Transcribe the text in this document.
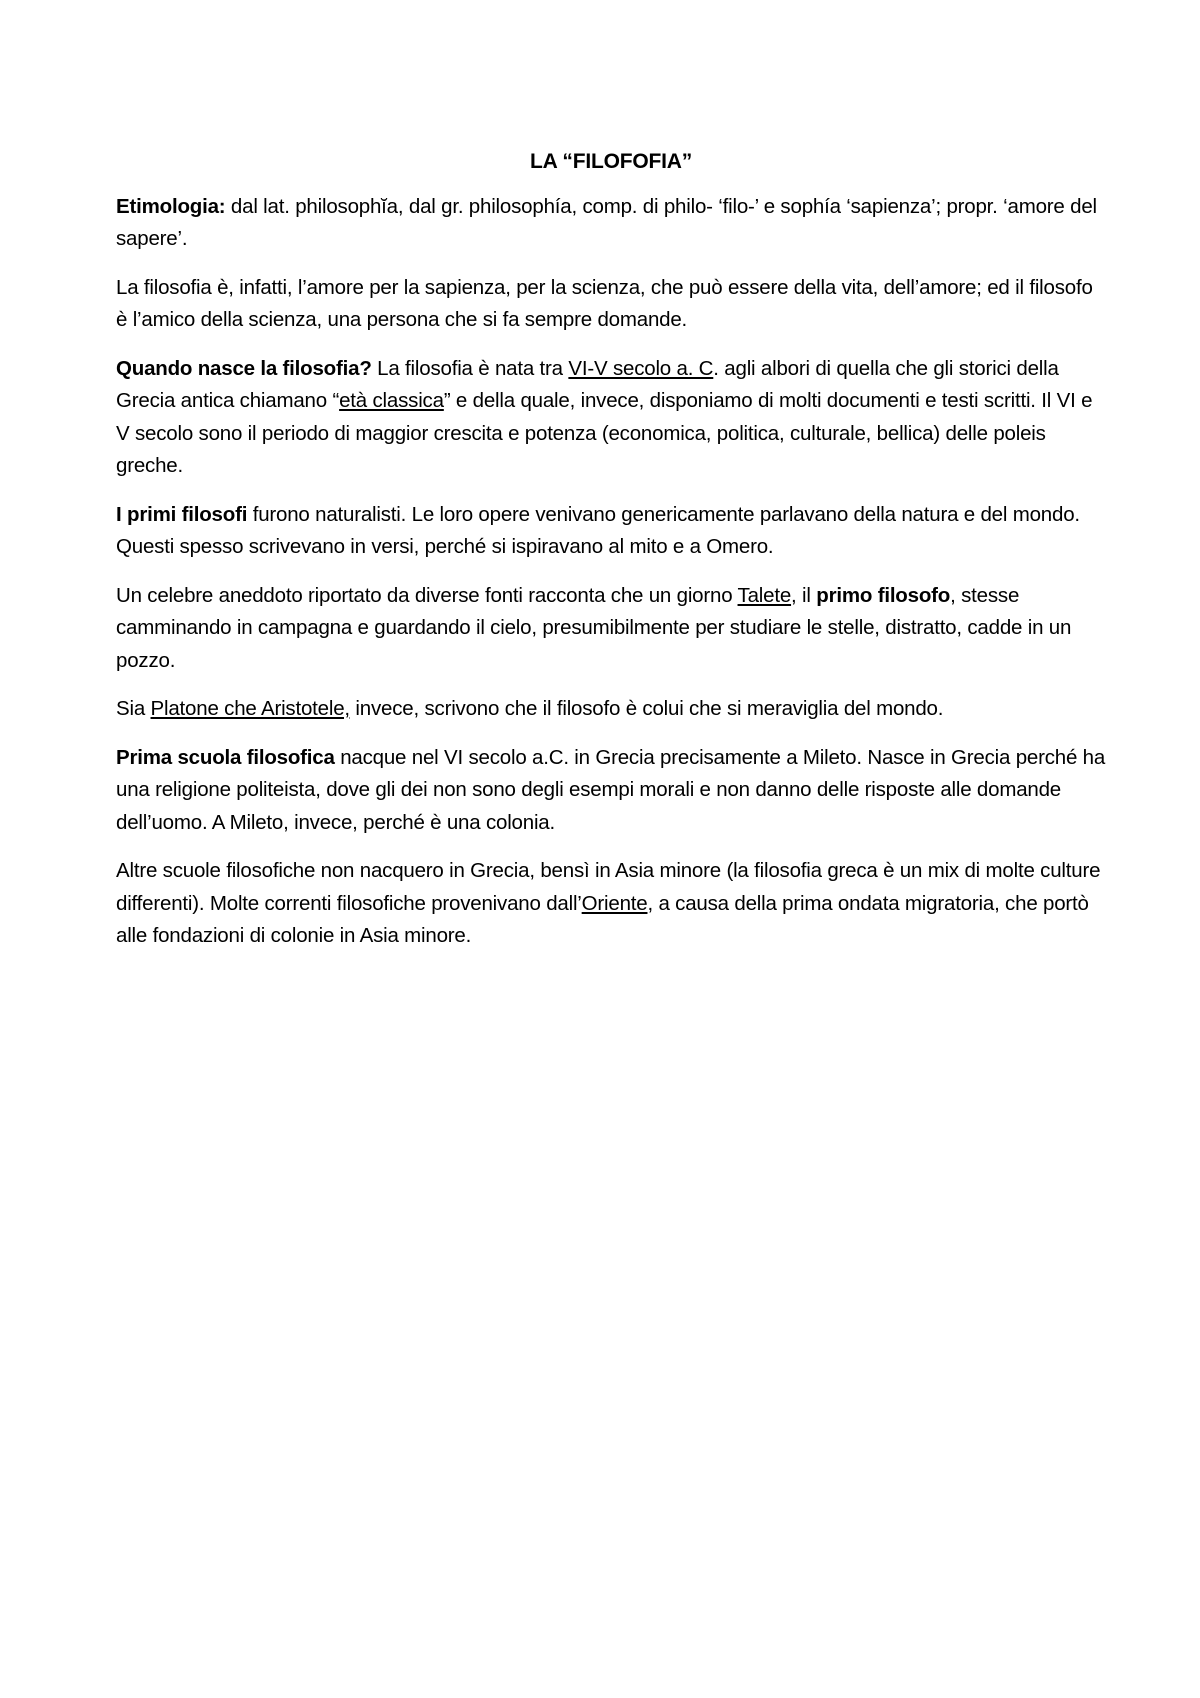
LA “FILOFOFIA”

Etimologia: dal lat. philosophĭa, dal gr. philosophía, comp. di philo- ‘filo-’ e sophía ‘sapienza’; propr. ‘amore del sapere’.

La filosofia è, infatti, l’amore per la sapienza, per la scienza, che può essere della vita, dell’amore; ed il filosofo è l’amico della scienza, una persona che si fa sempre domande.

Quando nasce la filosofia? La filosofia è nata tra VI-V secolo a. C. agli albori di quella che gli storici della Grecia antica chiamano “età classica” e della quale, invece, disponiamo di molti documenti e testi scritti. Il VI e V secolo sono il periodo di maggior crescita e potenza (economica, politica, culturale, bellica) delle poleis greche.

I primi filosofi furono naturalisti. Le loro opere venivano genericamente parlavano della natura e del mondo. Questi spesso scrivevano in versi, perché si ispiravano al mito e a Omero.

Un celebre aneddoto riportato da diverse fonti racconta che un giorno Talete, il primo filosofo, stesse camminando in campagna e guardando il cielo, presumibilmente per studiare le stelle, distratto, cadde in un pozzo.

Sia Platone che Aristotele, invece, scrivono che il filosofo è colui che si meraviglia del mondo.

Prima scuola filosofica nacque nel VI secolo a.C. in Grecia precisamente a Mileto. Nasce in Grecia perché ha una religione politeista, dove gli dei non sono degli esempi morali e non danno delle risposte alle domande dell’uomo. A Mileto, invece, perché è una colonia.

Altre scuole filosofiche non nacquero in Grecia, bensì in Asia minore (la filosofia greca è un mix di molte culture differenti). Molte correnti filosofiche provenivano dall’Oriente, a causa della prima ondata migratoria, che portò alle fondazioni di colonie in Asia minore.
